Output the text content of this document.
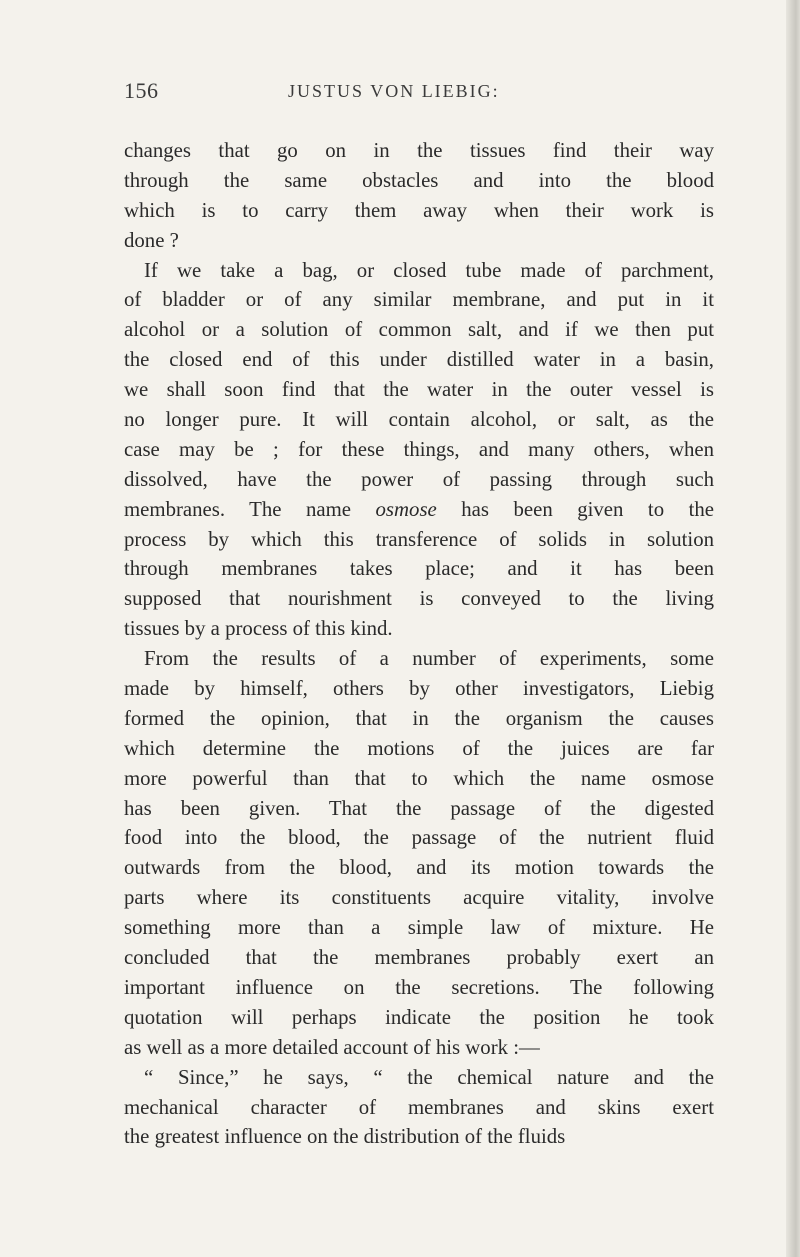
156	JUSTUS VON LIEBIG:
changes that go on in the tissues find their way
through the same obstacles and into the blood
which is to carry them away when their work is
done ?
If we take a bag, or closed tube made of parchment,
of bladder or of any similar membrane, and put in it
alcohol or a solution of common salt, and if we then put
the closed end of this under distilled water in a basin,
we shall soon find that the water in the outer vessel is
no longer pure. It will contain alcohol, or salt, as the
case may be ; for these things, and many others, when
dissolved, have the power of passing through such
membranes. The name osmose has been given to the
process by which this transference of solids in solution
through membranes takes place; and it has been
supposed that nourishment is conveyed to the living
tissues by a process of this kind.
From the results of a number of experiments, some
made by himself, others by other investigators, Liebig
formed the opinion, that in the organism the causes
which determine the motions of the juices are far
more powerful than that to which the name osmose
has been given. That the passage of the digested
food into the blood, the passage of the nutrient fluid
outwards from the blood, and its motion towards the
parts where its constituents acquire vitality, involve
something more than a simple law of mixture. He
concluded that the membranes probably exert an
important influence on the secretions. The following
quotation will perhaps indicate the position he took
as well as a more detailed account of his work :—
“ Since,” he says, “ the chemical nature and the
mechanical character of membranes and skins exert
the greatest influence on the distribution of the fluids
